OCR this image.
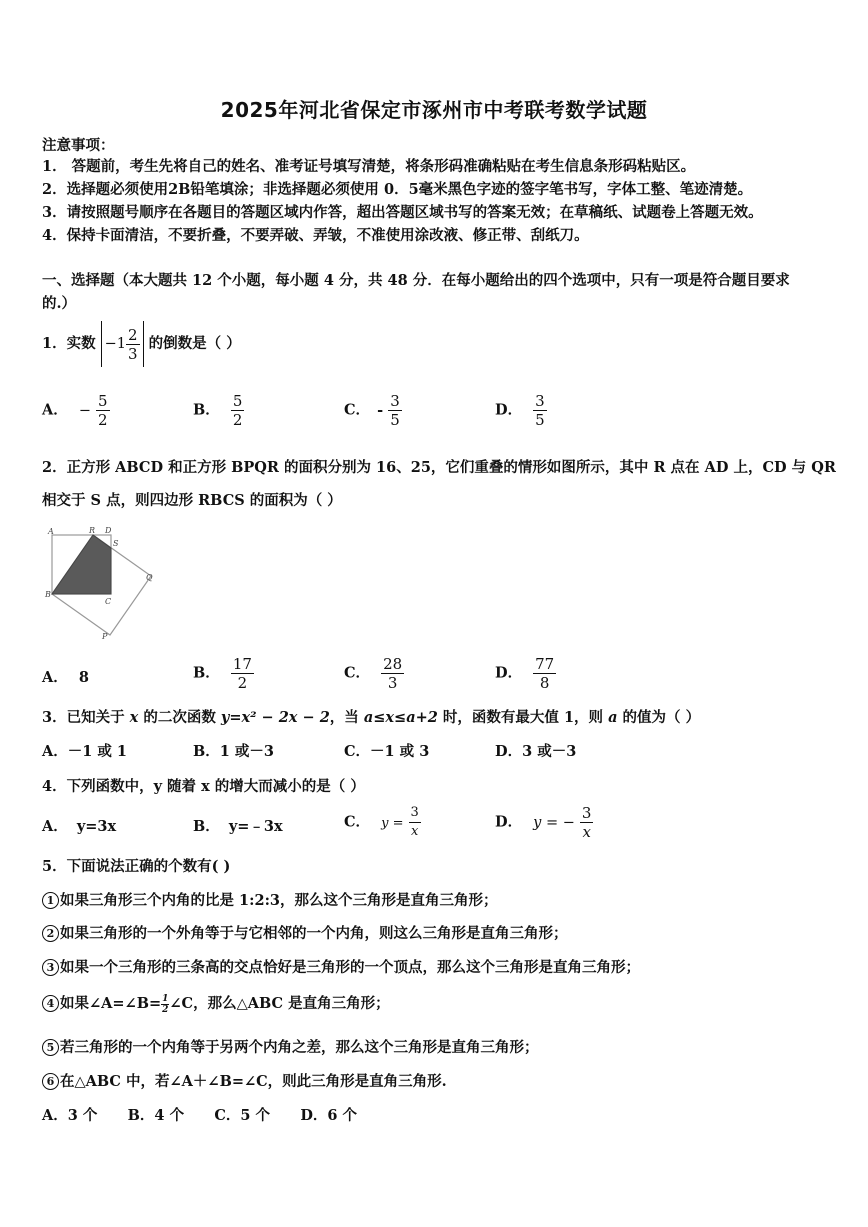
2025年河北省保定市涿州市中考联考数学试题
注意事项：
1． 答题前，考生先将自己的姓名、准考证号填写清楚，将条形码准确粘贴在考生信息条形码粘贴区。
2．选择题必须使用2B铅笔填涂；非选择题必须使用 0．5毫米黑色字迹的签字笔书写，字体工整、笔迹清楚。
3．请按照题号顺序在各题目的答题区域内作答，超出答题区域书写的答案无效；在草稿纸、试题卷上答题无效。
4．保持卡面清洁，不要折叠，不要弄破、弄皱，不准使用涂改液、修正带、刮纸刀。
一、选择题（本大题共 12 个小题，每小题 4 分，共 48 分．在每小题给出的四个选项中，只有一项是符合题目要求
的.）
1．实数 $-1 \frac{2}{3}$ 的倒数是（ ）
A． − $\frac{5}{2}$	B． $\frac{5}{2}$	C． - $\frac{3}{5}$	D． $\frac{3}{5}$
2．正方形 ABCD 和正方形 BPQR 的面积分别为 16、25，它们重叠的情形如图所示，其中 R 点在 AD 上，CD 与 QR
相交于 S 点，则四边形 RBCS 的面积为（ ）
A	R D
S
Q
B
C
P
A． 8	B． $\frac{17}{2}$	C． $\frac{28}{3}$	D． $\frac{77}{8}$
3．已知关于 x 的二次函数 y=x² − 2x − 2，当 a≤x≤a+2 时，函数有最大值 1，则 a 的值为（ ）
A．－1 或 1	B．1 或－3	C．－1 或 3	D．3 或－3
4．下列函数中，y 随着 x 的增大而减小的是（ ）
A． y=3x	B． y=﹣3x	C． $y = \frac{3}{x}$	D． y = − $\frac{3}{x}$
5．下面说法正确的个数有( )
1 如果三角形三个内角的比是 1:2:3，那么这个三角形是直角三角形；
2 如果三角形的一个外角等于与它相邻的一个内角，则这么三角形是直角三角形；
3 如果一个三角形的三条高的交点恰好是三角形的一个顶点，那么这个三角形是直角三角形；
4 如果∠A=∠B= $\frac{1}{2}$ ∠C，那么△ABC 是直角三角形；
5 若三角形的一个内角等于另两个内角之差，那么这个三角形是直角三角形；
6 在△ABC 中，若∠A＋∠B=∠C，则此三角形是直角三角形.
A．3 个      B．4 个      C．5 个      D．6 个
